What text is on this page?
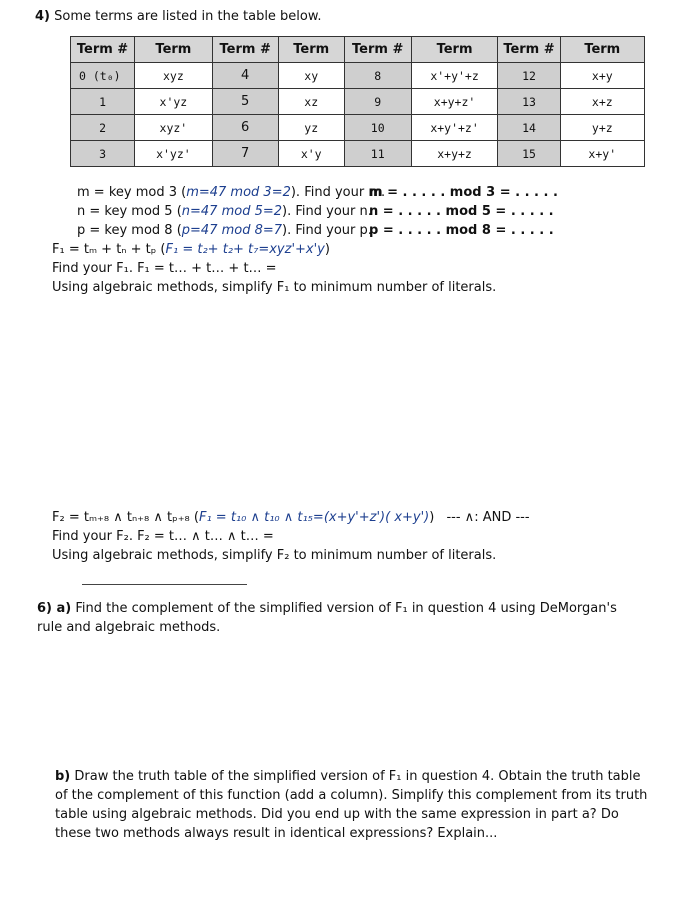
4) Some terms are listed in the table below.
Term #	Term	Term #	Term	Term #	Term	Term #	Term
0 (t₀)	xyz	4	xy	8	x'+y'+z	12	x+y
1	x'yz	5	xz	9	x+y+z'	13	x+z
2	xyz'	6	yz	10	x+y'+z'	14	y+z
3	x'yz'	7	x'y	11	x+y+z	15	x+y'
m = key mod 3 (m=47 mod 3=2). Find your m.
m = . . . . . mod 3 = . . . . .
n = key mod 5 (n=47 mod 5=2). Find your n.
n = . . . . . mod 5 = . . . . .
p = key mod 8 (p=47 mod 8=7). Find your p.
p = . . . . . mod 8 = . . . . .
F₁ = tₘ + tₙ + tₚ (F₁ = t₂+ t₂+ t₇=xyz'+x'y)
Find your F₁. F₁ = t… + t… + t… =
Using algebraic methods, simplify F₁ to minimum number of literals.
F₂ = tₘ₊₈ ∧ tₙ₊₈ ∧ tₚ₊₈ (F₁ = t₁₀ ∧ t₁₀ ∧ t₁₅=(x+y'+z')( x+y')) --- ∧: AND ---
Find your F₂. F₂ = t… ∧ t… ∧ t… =
Using algebraic methods, simplify F₂ to minimum number of literals.
6) a) Find the complement of the simplified version of F₁ in question 4 using DeMorgan's rule and algebraic methods.
b) Draw the truth table of the simplified version of F₁ in question 4. Obtain the truth table of the complement of this function (add a column). Simplify this complement from its truth table using algebraic methods. Did you end up with the same expression in part a? Do these two methods always result in identical expressions? Explain...
